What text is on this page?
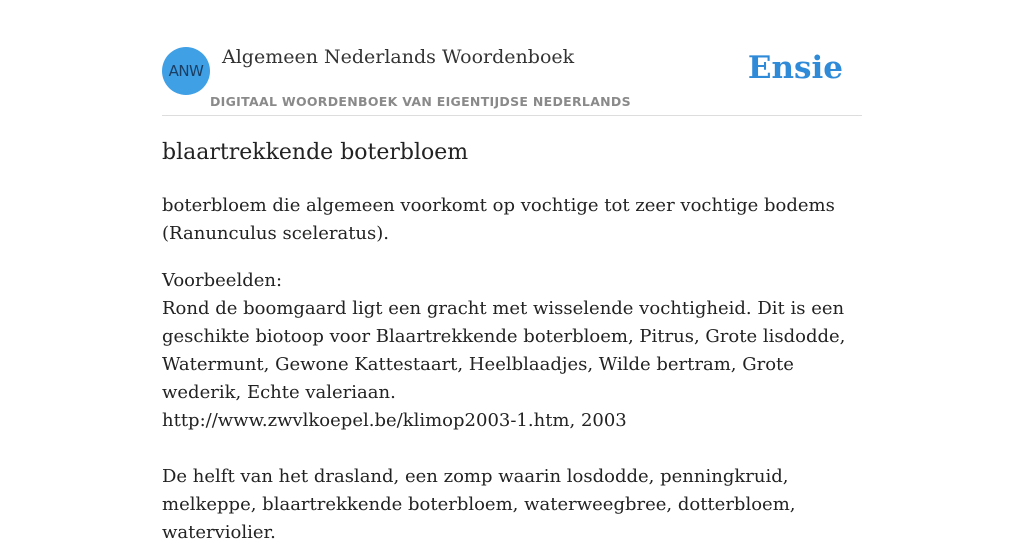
ANW
Algemeen Nederlands Woordenboek
DIGITAAL WOORDENBOEK VAN EIGENTIJDSE NEDERLANDS
Ensie
blaartrekkende boterbloem
boterbloem die algemeen voorkomt op vochtige tot zeer vochtige bodems (Ranunculus sceleratus).
Voorbeelden:
Rond de boomgaard ligt een gracht met wisselende vochtigheid. Dit is een geschikte biotoop voor Blaartrekkende boterbloem, Pitrus, Grote lisdodde, Watermunt, Gewone Kattestaart, Heelblaadjes, Wilde bertram, Grote wederik, Echte valeriaan.
http://www.zwvlkoepel.be/klimop2003-1.htm, 2003
De helft van het drasland, een zomp waarin losdodde, penningkruid, melkeppe, blaartrekkende boterbloem, waterweegbree, dotterbloem, waterviolier.
